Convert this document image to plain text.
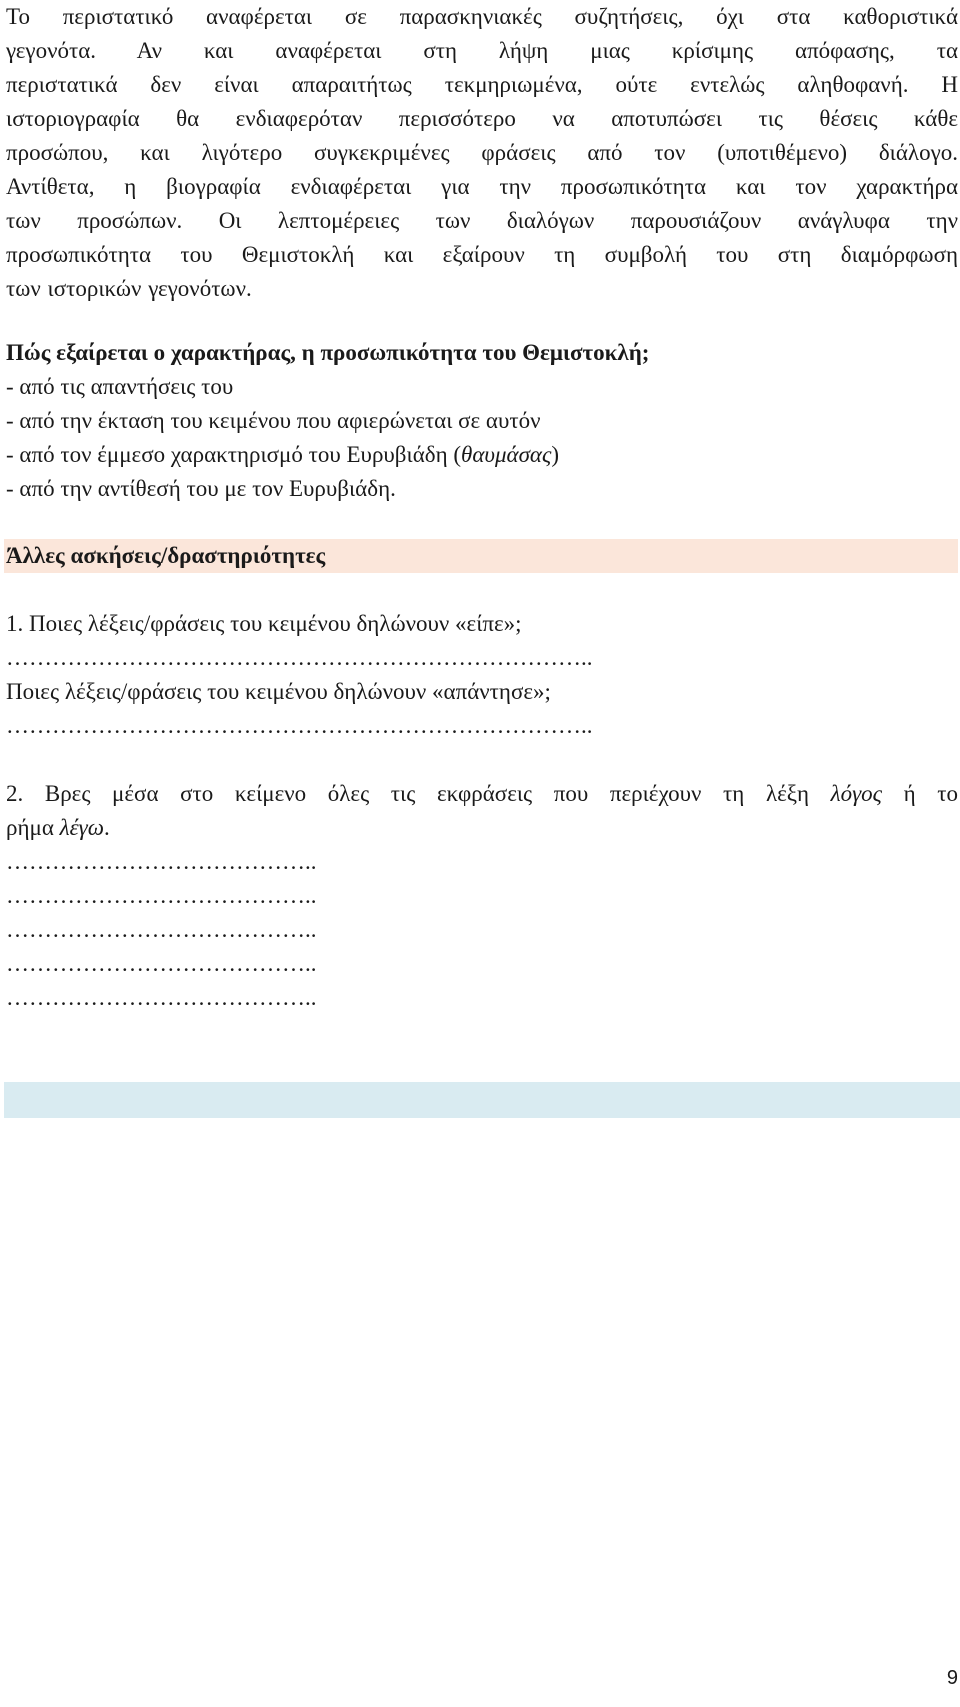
Το περιστατικό αναφέρεται σε παρασκηνιακές συζητήσεις, όχι στα καθοριστικά
γεγονότα. Αν και αναφέρεται στη λήψη μιας κρίσιμης απόφασης, τα
περιστατικά δεν είναι απαραιτήτως τεκμηριωμένα, ούτε εντελώς αληθοφανή. Η
ιστοριογραφία θα ενδιαφερόταν περισσότερο να αποτυπώσει τις θέσεις κάθε
προσώπου, και λιγότερο συγκεκριμένες φράσεις από τον (υποτιθέμενο) διάλογο.
Αντίθετα, η βιογραφία ενδιαφέρεται για την προσωπικότητα και τον χαρακτήρα
των προσώπων. Οι λεπτομέρειες των διαλόγων παρουσιάζουν ανάγλυφα την
προσωπικότητα του Θεμιστοκλή και εξαίρουν τη συμβολή του στη διαμόρφωση
των ιστορικών γεγονότων.

Πώς εξαίρεται ο χαρακτήρας, η προσωπικότητα του Θεμιστοκλή;

- από τις απαντήσεις του
- από την έκταση του κειμένου που αφιερώνεται σε αυτόν
- από τον έμμεσο χαρακτηρισμό του Ευρυβιάδη (θαυμάσας)
- από την αντίθεσή του με τον Ευρυβιάδη.

Άλλες ασκήσεις/δραστηριότητες

1. Ποιες λέξεις/φράσεις του κειμένου δηλώνουν «είπε»;

…………………………………………………………………..

Ποιες λέξεις/φράσεις του κειμένου δηλώνουν «απάντησε»;

…………………………………………………………………..

2. Βρες μέσα στο κείμενο όλες τις εκφράσεις που περιέχουν τη λέξη λόγος ή το
ρήμα λέγω.

…………………………………..

…………………………………..

…………………………………..

…………………………………..

…………………………………..

9
